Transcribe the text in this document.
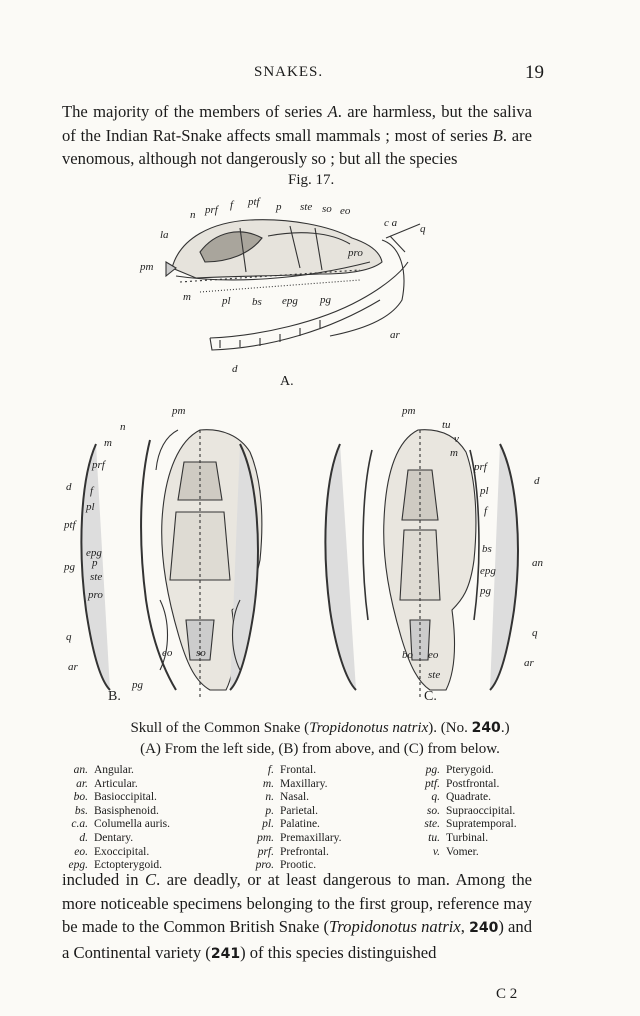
SNAKES.	19

The majority of the members of series A. are harmless, but the saliva of the Indian Rat-Snake affects small mammals ; most of series B. are venomous, although not dangerously so ; but all the species

Fig. 17.
n prf f ptf p ste so eo
c a
la	q
pm
pro
m	pl bs epg pg
ar
d
pm
n
m
prf
d f
ptf
pl
epg
pg p
ste
pro
q
ar
pg
eo so
B.
pm
tu
v
m
prf
d
pl
f
bs
an
epg
pg
q
ar
bo eo
ste
C.
A.
Skull of the Common Snake (Tropidonotus natrix). (No. 240.)
(A) From the left side, (B) from above, and (C) from below.
an. Angular.
ar. Articular.
bo. Basioccipital.
bs. Basisphenoid.
c.a. Columella auris.
d. Dentary.
eo. Exoccipital.
epg. Ectopterygoid.
f. Frontal.
m. Maxillary.
n. Nasal.
p. Parietal.
pl. Palatine.
pm. Premaxillary.
prf. Prefrontal.
pro. Prootic.
pg. Pterygoid.
ptf. Postfrontal.
q. Quadrate.
so. Supraoccipital.
ste. Supratemporal.
tu. Turbinal.
v. Vomer.

included in C. are deadly, or at least dangerous to man. Among the more noticeable specimens belonging to the first group, reference may be made to the Common British Snake (Tropidonotus natrix, 240) and a Continental variety (241) of this species distinguished

C 2
